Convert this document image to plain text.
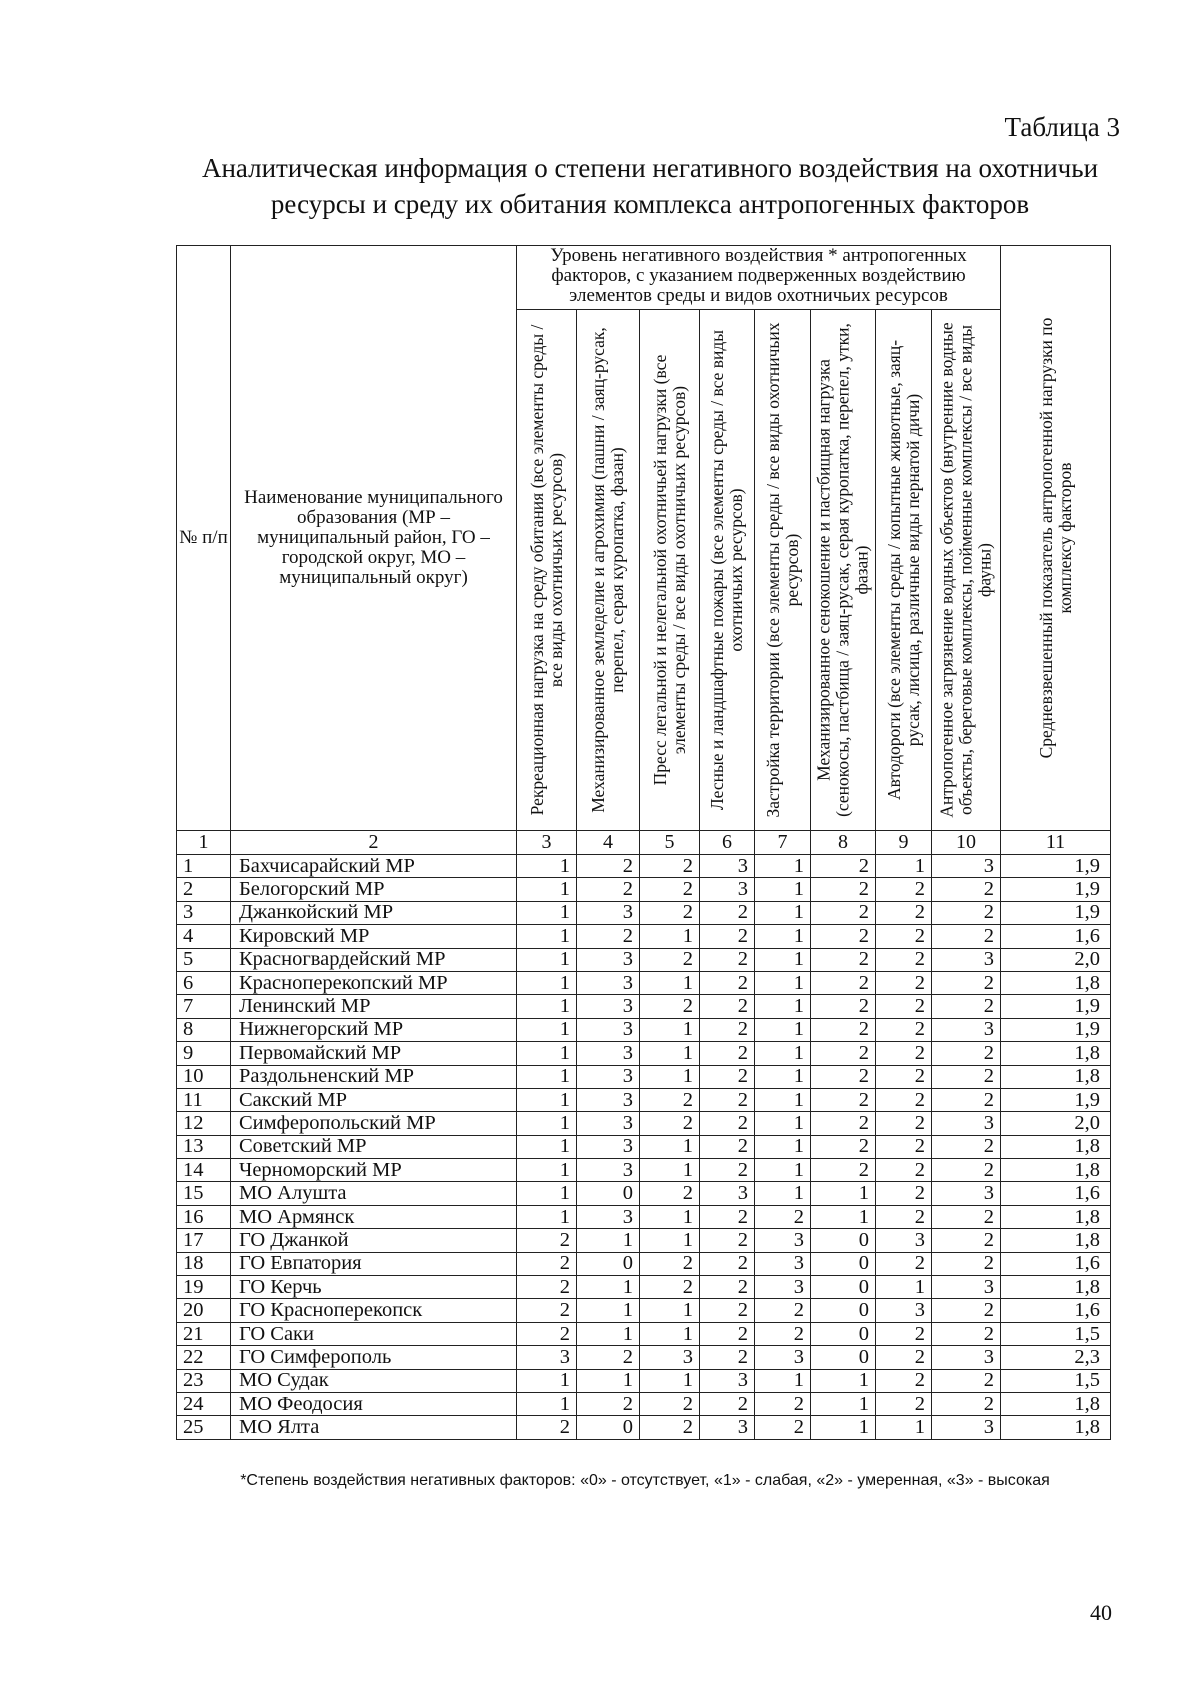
Таблица 3
Аналитическая информация о степени негативного воздействия на охотничьи
ресурсы и среду их обитания комплекса антропогенных факторов
№ п/п	Наименование муниципального образования (МР – муниципальный район, ГО – городской округ, МО – муниципальный округ)	Уровень негативного воздействия * антропогенных факторов, с указанием подверженных воздействию элементов среды и видов охотничьих ресурсов								Средневзвешенный показатель антропогенной нагрузки по комплексу факторов

		Рекреационная нагрузка на среду обитания (все элементы среды / все виды охотничьих ресурсов)	Механизированное земледелие и агрохимия (пашни / заяц-русак, перепел, серая куропатка, фазан)	Пресс легальной и нелегальной охотничьей нагрузки (все элементы среды / все виды охотничьих ресурсов)	Лесные и ландшафтные пожары (все элементы среды / все виды охотничьих ресурсов)	Застройка территории (все элементы среды / все виды охотничьих ресурсов)	Механизированное сенокошение и пастбищная нагрузка (сенокосы, пастбища / заяц-русак, серая куропатка, перепел, утки, фазан)	Автодороги (все элементы среды / копытные животные, заяц-русак, лисица, различные виды пернатой дичи)	Антропогенное загрязнение водных объектов (внутренние водные объекты, береговые комплексы, пойменные комплексы / все виды фауны)	

1	2	3	4	5	6	7	8	9	10	11
1	Бахчисарайский МР	1	2	2	3	1	2	1	3	1,9
2	Белогорский МР	1	2	2	3	1	2	2	2	1,9
3	Джанкойский МР	1	3	2	2	1	2	2	2	1,9
4	Кировский МР	1	2	1	2	1	2	2	2	1,6
5	Красногвардейский МР	1	3	2	2	1	2	2	3	2,0
6	Красноперекопский МР	1	3	1	2	1	2	2	2	1,8
7	Ленинский МР	1	3	2	2	1	2	2	2	1,9
8	Нижнегорский МР	1	3	1	2	1	2	2	3	1,9
9	Первомайский МР	1	3	1	2	1	2	2	2	1,8
10	Раздольненский МР	1	3	1	2	1	2	2	2	1,8
11	Сакский МР	1	3	2	2	1	2	2	2	1,9
12	Симферопольский МР	1	3	2	2	1	2	2	3	2,0
13	Советский МР	1	3	1	2	1	2	2	2	1,8
14	Черноморский МР	1	3	1	2	1	2	2	2	1,8
15	МО Алушта	1	0	2	3	1	1	2	3	1,6
16	МО Армянск	1	3	1	2	2	1	2	2	1,8
17	ГО Джанкой	2	1	1	2	3	0	3	2	1,8
18	ГО Евпатория	2	0	2	2	3	0	2	2	1,6
19	ГО Керчь	2	1	2	2	3	0	1	3	1,8
20	ГО Красноперекопск	2	1	1	2	2	0	3	2	1,6
21	ГО Саки	2	1	1	2	2	0	2	2	1,5
22	ГО Симферополь	3	2	3	2	3	0	2	3	2,3
23	МО Судак	1	1	1	3	1	1	2	2	1,5
24	МО Феодосия	1	2	2	2	2	1	2	2	1,8
25	МО Ялта	2	0	2	3	2	1	1	3	1,8
*Степень воздействия негативных факторов: «0» - отсутствует, «1» - слабая, «2» - умеренная, «3» - высокая
40
